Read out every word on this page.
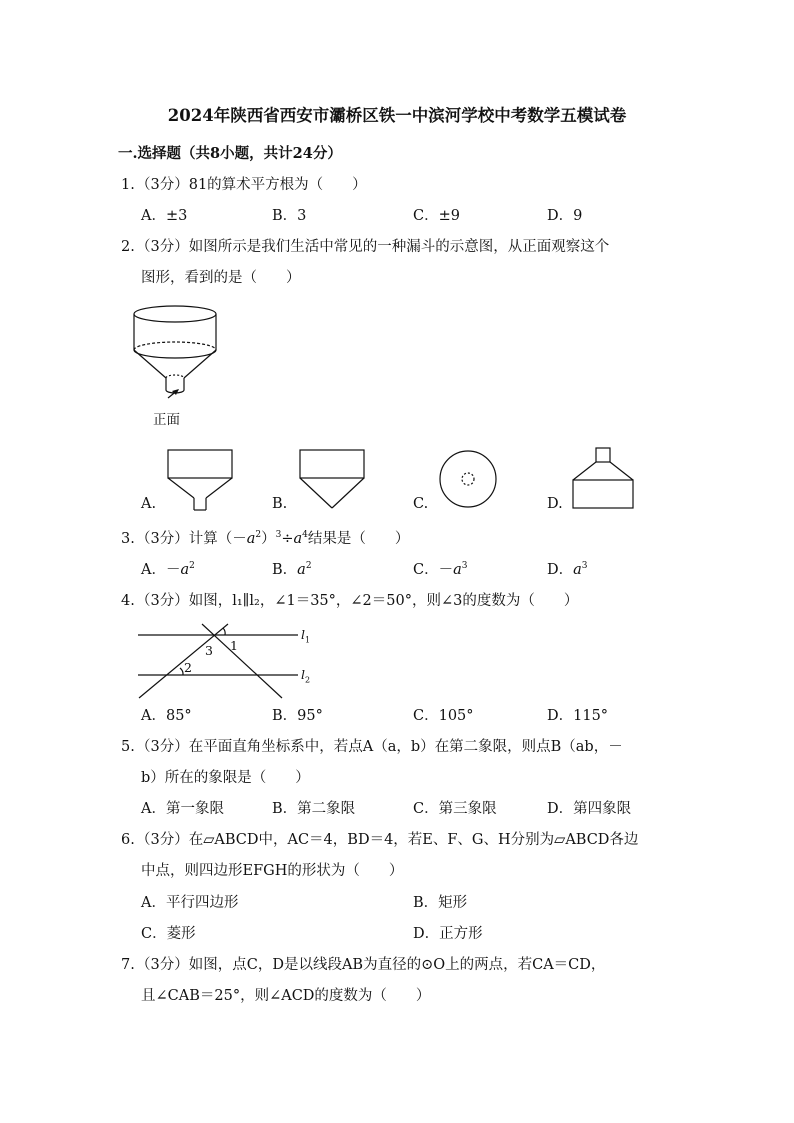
2024年陕西省西安市灞桥区铁一中滨河学校中考数学五模试卷
一.选择题（共8小题，共计24分）
1. （3分）81的算术平方根为（　　）
A．±3	B．3	C．±9	D．9
2. （3分）如图所示是我们生活中常见的一种漏斗的示意图，从正面观察这个
图形，看到的是（　　）
正面
A.	B.	C.	D.
3. （3分）计算$(-a^2)^3\div a^4$结果是（　　）
A．$-a^2$	B．$a^2$	C．$-a^3$	D．$a^3$
4. （3分）如图，l₁∥l₂，∠1＝35°，∠2＝50°，则∠3的度数为（　　）
3 1
2
$l_1$
$l_2$
A．85°	B．95°	C．105°	D．115°
5. （3分）在平面直角坐标系中，若点A（a，b）在第二象限，则点B（ab，－
b）所在的象限是（　　）
A．第一象限	B．第二象限	C．第三象限	D．第四象限
6. （3分）在▱ABCD中，AC＝4，BD＝4，若E、F、G、H分别为▱ABCD各边
中点，则四边形EFGH的形状为（　　）
A．平行四边形	B．矩形
C．菱形	D．正方形
7. （3分）如图，点C，D是以线段AB为直径的⊙O上的两点，若CA＝CD，
且∠CAB＝25°，则∠ACD的度数为（　　）
